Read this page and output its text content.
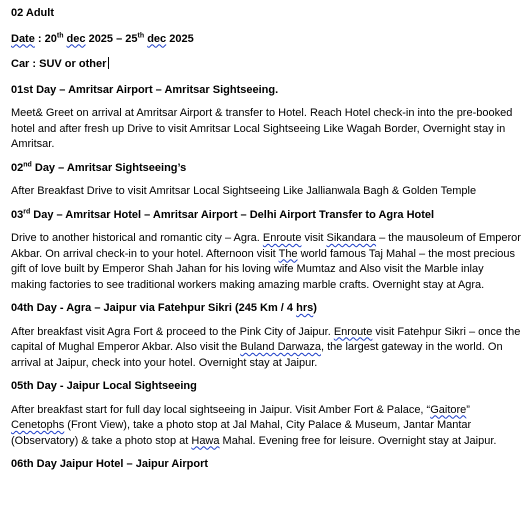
02 Adult

Date : 20th dec 2025 – 25th dec 2025

Car : SUV or other

01st Day – Amritsar Airport – Amritsar Sightseeing.

Meet& Greet on arrival at Amritsar Airport & transfer to Hotel. Reach Hotel check-in into the pre-booked hotel and after fresh up Drive to visit Amritsar Local Sightseeing Like Wagah Border, Overnight stay in Amritsar.

02nd Day – Amritsar Sightseeing’s

After Breakfast Drive to visit Amritsar Local Sightseeing Like Jallianwala Bagh & Golden Temple

03rd Day – Amritsar Hotel – Amritsar Airport – Delhi Airport Transfer to Agra Hotel

Drive to another historical and romantic city – Agra. Enroute visit Sikandara – the mausoleum of Emperor Akbar. On arrival check-in to your hotel. Afternoon visit The world famous Taj Mahal – the most precious gift of love built by Emperor Shah Jahan for his loving wife Mumtaz and Also visit the Marble inlay making factories to see traditional workers making amazing marble crafts. Overnight stay at Agra.

04th Day - Agra – Jaipur via Fatehpur Sikri (245 Km / 4 hrs)

After breakfast visit Agra Fort & proceed to the Pink City of Jaipur. Enroute visit Fatehpur Sikri – once the capital of Mughal Emperor Akbar. Also visit the Buland Darwaza, the largest gateway in the world. On arrival at Jaipur, check into your hotel. Overnight stay at Jaipur.

05th Day - Jaipur Local Sightseeing

After breakfast start for full day local sightseeing in Jaipur. Visit Amber Fort & Palace, “Gaitore” Cenetophs (Front View), take a photo stop at Jal Mahal, City Palace & Museum, Jantar Mantar (Observatory) & take a photo stop at Hawa Mahal. Evening free for leisure. Overnight stay at Jaipur.

06th Day Jaipur Hotel – Jaipur Airport
